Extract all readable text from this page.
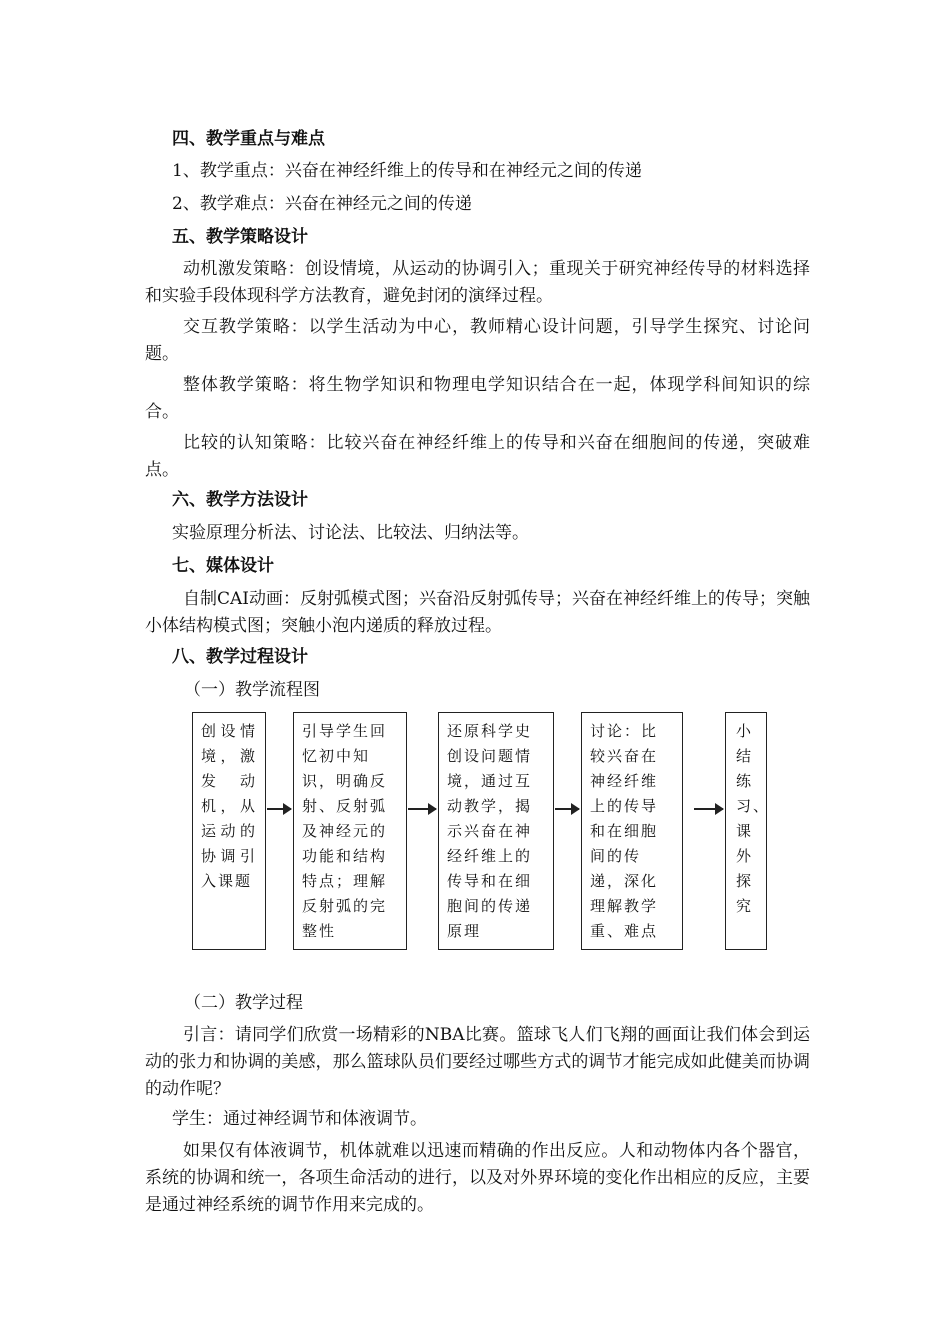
四、教学重点与难点
1、教学重点：兴奋在神经纤维上的传导和在神经元之间的传递
2、教学难点：兴奋在神经元之间的传递
五、教学策略设计
动机激发策略：创设情境，从运动的协调引入；重现关于研究神经传导的材料选择和实验手段体现科学方法教育，避免封闭的演绎过程。
交互教学策略：以学生活动为中心，教师精心设计问题，引导学生探究、讨论问题。
整体教学策略：将生物学知识和物理电学知识结合在一起，体现学科间知识的综合。
比较的认知策略：比较兴奋在神经纤维上的传导和兴奋在细胞间的传递，突破难点。
六、教学方法设计
实验原理分析法、讨论法、比较法、归纳法等。
七、媒体设计
自制CAI动画：反射弧模式图；兴奋沿反射弧传导；兴奋在神经纤维上的传导；突触小体结构模式图；突触小泡内递质的释放过程。
八、教学过程设计
（一）教学流程图
创设情境，激发动机，从运动的协调引入课题
引导学生回忆初中知识，明确反射、反射弧及神经元的功能和结构特点；理解反射弧的完整性
还原科学史创设问题情境，通过互动教学，揭示兴奋在神经纤维上的传导和在细胞间的传递原理
讨论：比较兴奋在神经纤维上的传导和在细胞间的传递，深化理解教学重、难点
小结练习、课外探究
（二）教学过程
引言：请同学们欣赏一场精彩的NBA比赛。篮球飞人们飞翔的画面让我们体会到运动的张力和协调的美感，那么篮球队员们要经过哪些方式的调节才能完成如此健美而协调的动作呢？
学生：通过神经调节和体液调节。
如果仅有体液调节，机体就难以迅速而精确的作出反应。人和动物体内各个器官，系统的协调和统一，各项生命活动的进行，以及对外界环境的变化作出相应的反应，主要是通过神经系统的调节作用来完成的。
